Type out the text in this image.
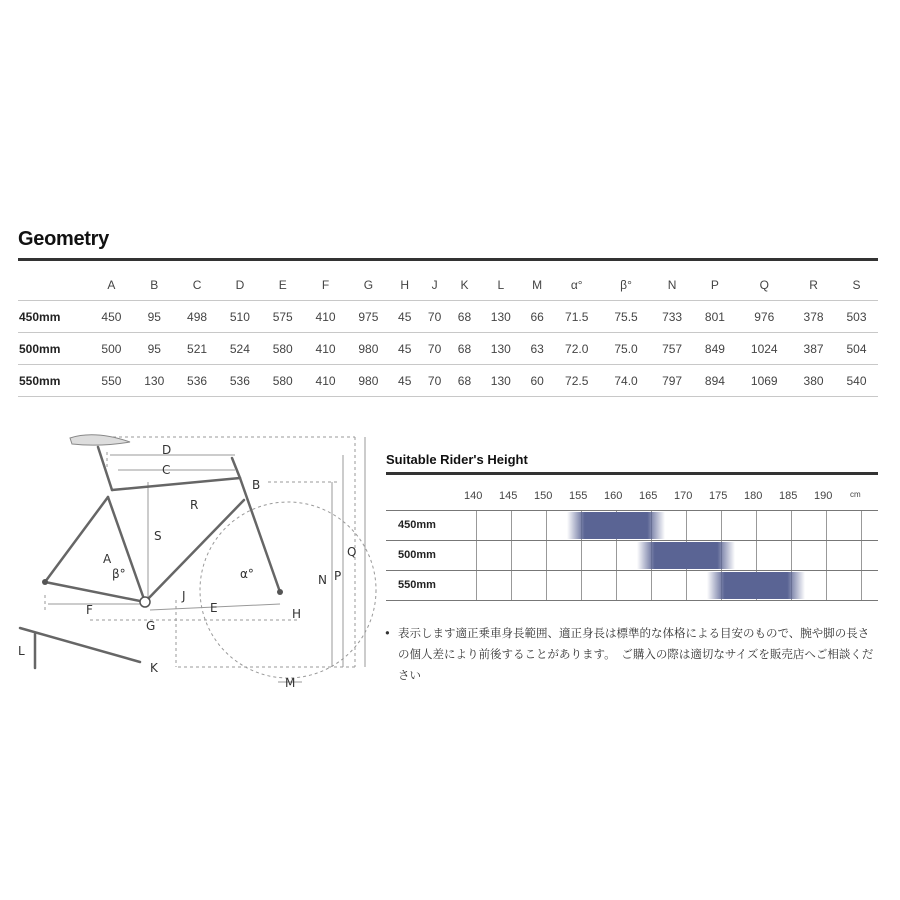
Geometry
	A	B	C	D	E	F	G	H	J	K	L	M	α°	β°	N	P	Q	R	S
450mm	450	95	498	510	575	410	975	45	70	68	130	66	71.5	75.5	733	801	976	378	503
500mm	500	95	521	524	580	410	980	45	70	68	130	63	72.0	75.0	757	849	1024	387	504
550mm	550	130	536	536	580	410	980	45	70	68	130	60	72.5	74.0	797	894	1069	380	540
D
C
B
R
S
A
β°	α°
J
F
G
E	H
N P
Q
L
K
M
Suitable Rider's Height
140 145 150 155 160 165 170 175 180 185 190 cm
450mm
500mm
550mm
• 表示します適正乗車身長範囲、適正身長は標準的な体格による目安のもので、腕や脚の長さの個人差により前後することがあります。　ご購入の際は適切なサイズを販売店へご相談ください
